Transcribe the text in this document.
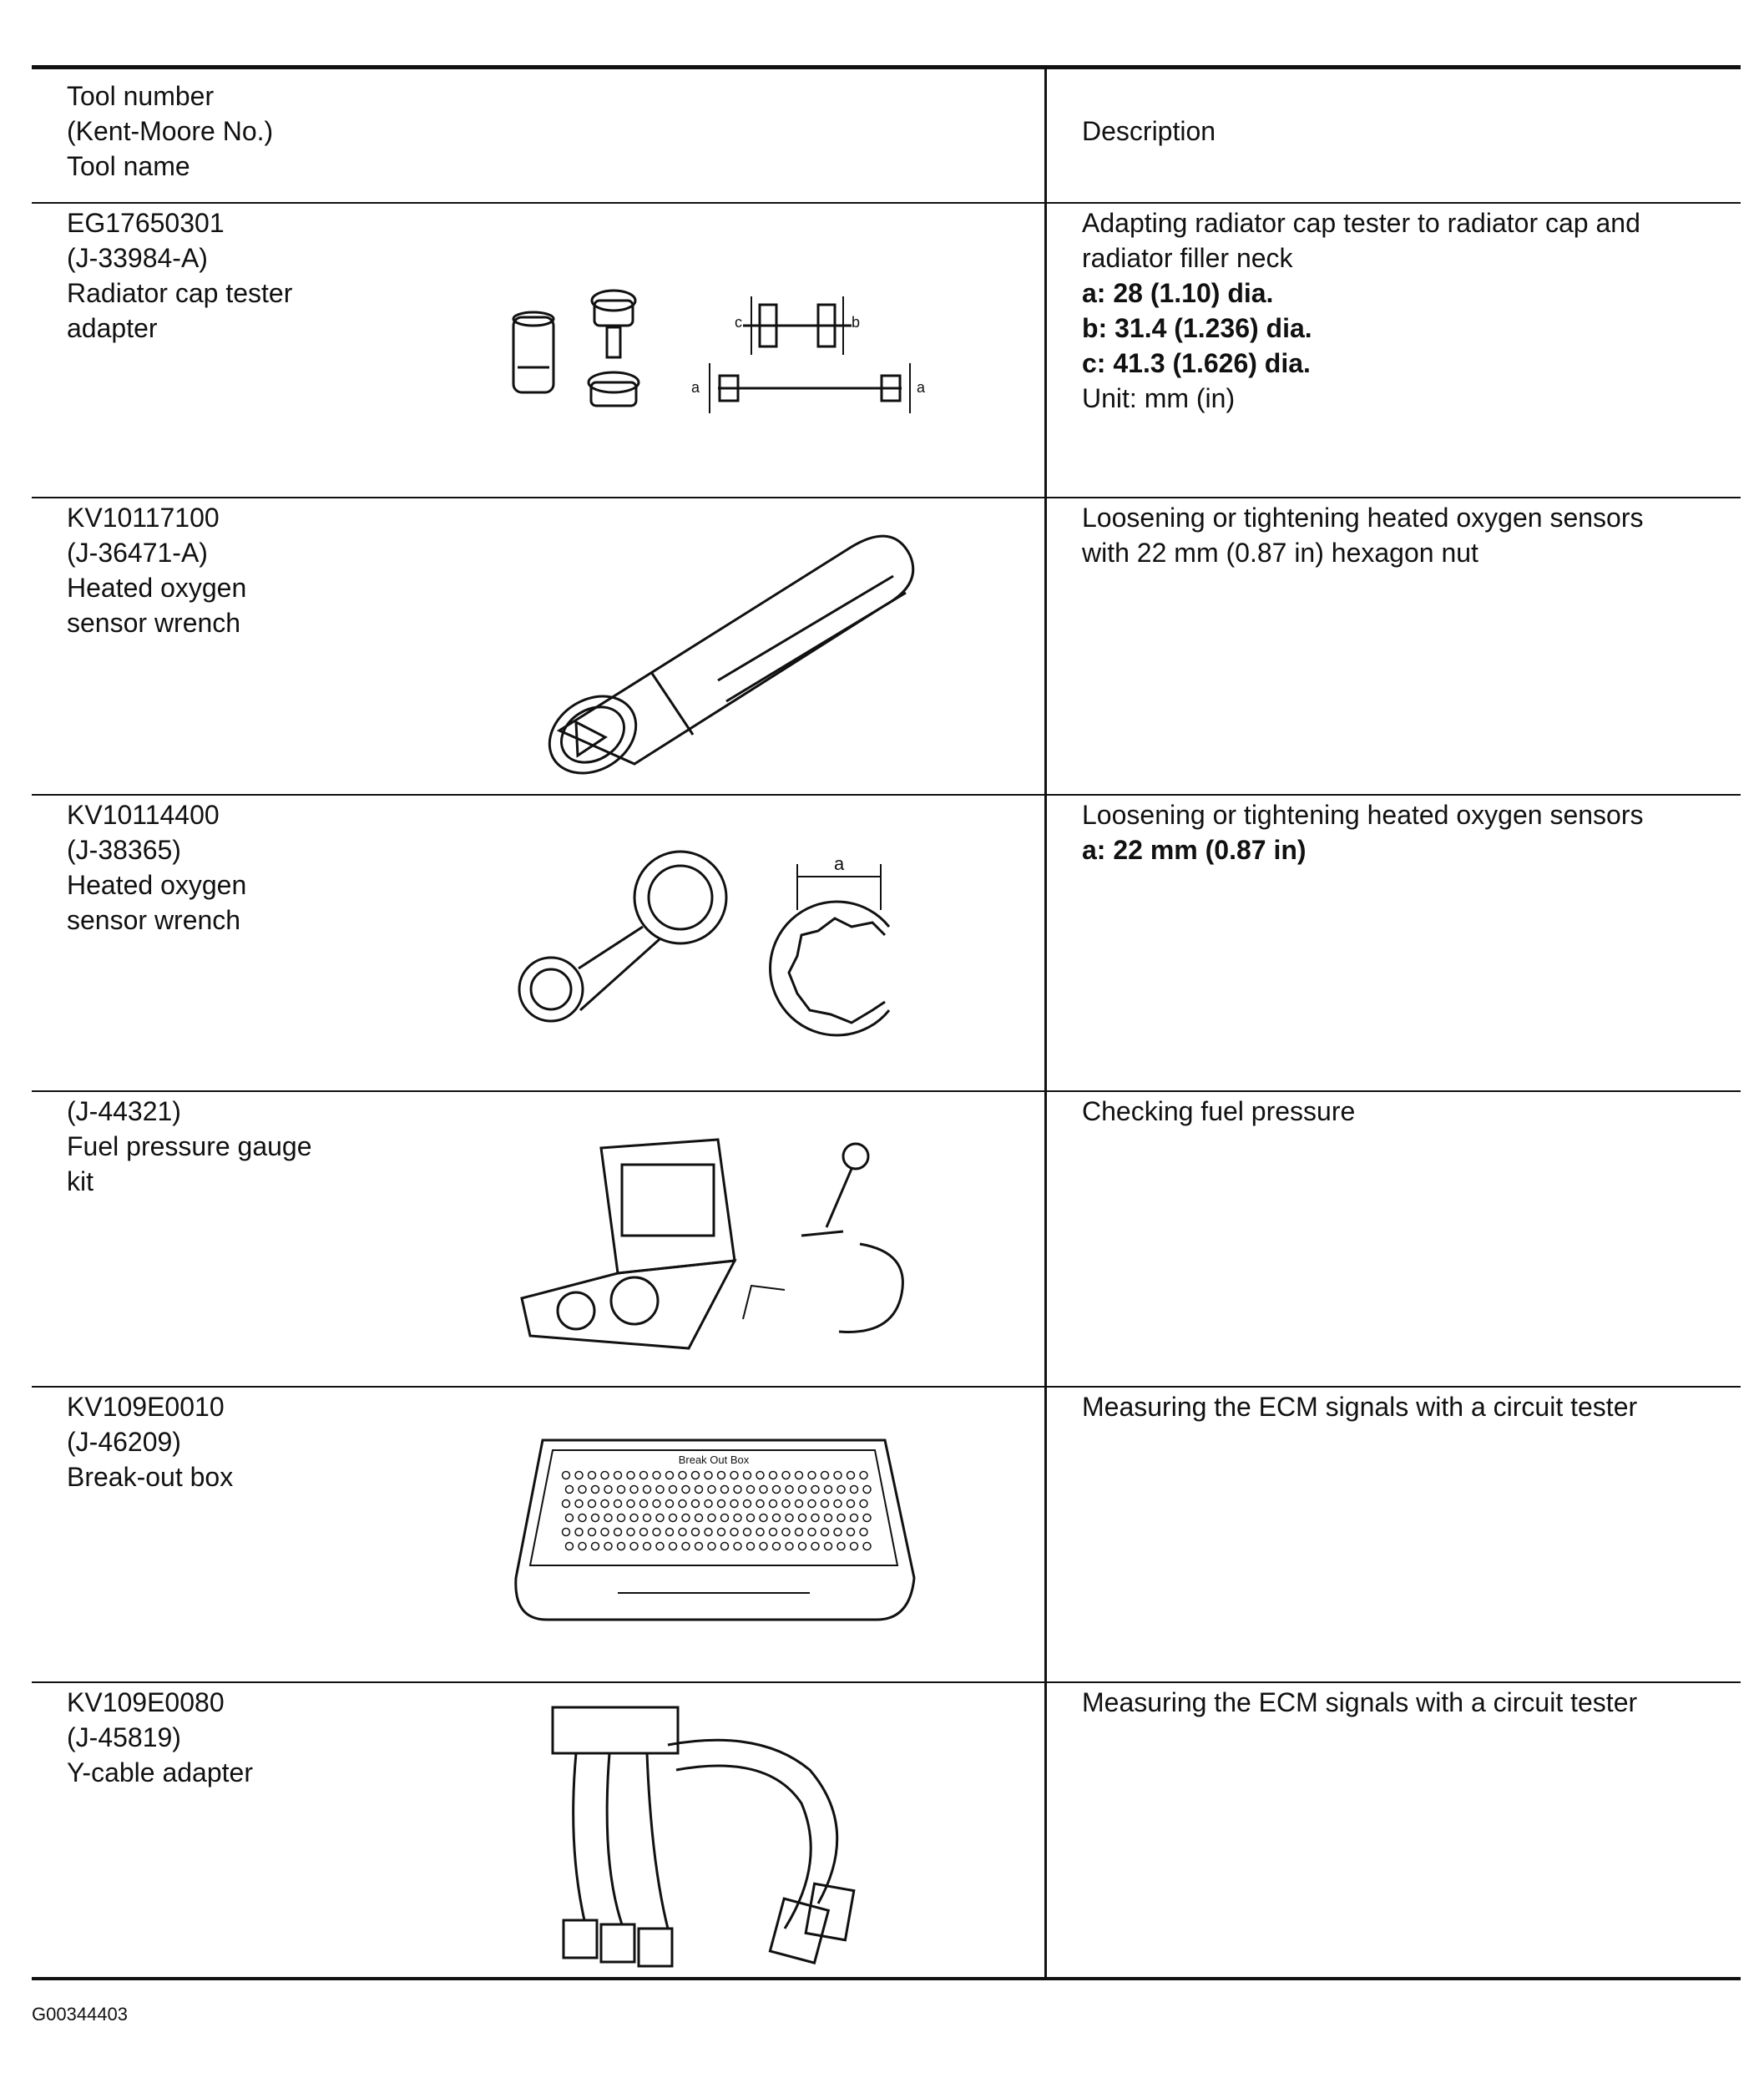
Tool number
(Kent-Moore No.)
Tool name
Description
EG17650301
(J-33984-A)
Radiator cap tester
adapter
Adapting radiator cap tester to radiator cap and
radiator filler neck
a: 28 (1.10) dia.
b: 31.4 (1.236) dia.
c: 41.3 (1.626) dia.
Unit: mm (in)
c	b
a	a
KV10117100
(J-36471-A)
Heated oxygen
sensor wrench
Loosening or tightening heated oxygen sensors
with 22 mm (0.87 in) hexagon nut
KV10114400
(J-38365)
Heated oxygen
sensor wrench
Loosening or tightening heated oxygen sensors
a: 22 mm (0.87 in)
a
(J-44321)
Fuel pressure gauge
kit
Checking fuel pressure
KV109E0010
(J-46209)
Break-out box
Measuring the ECM signals with a circuit tester
Break Out Box
KV109E0080
(J-45819)
Y-cable adapter
Measuring the ECM signals with a circuit tester
G00344403
